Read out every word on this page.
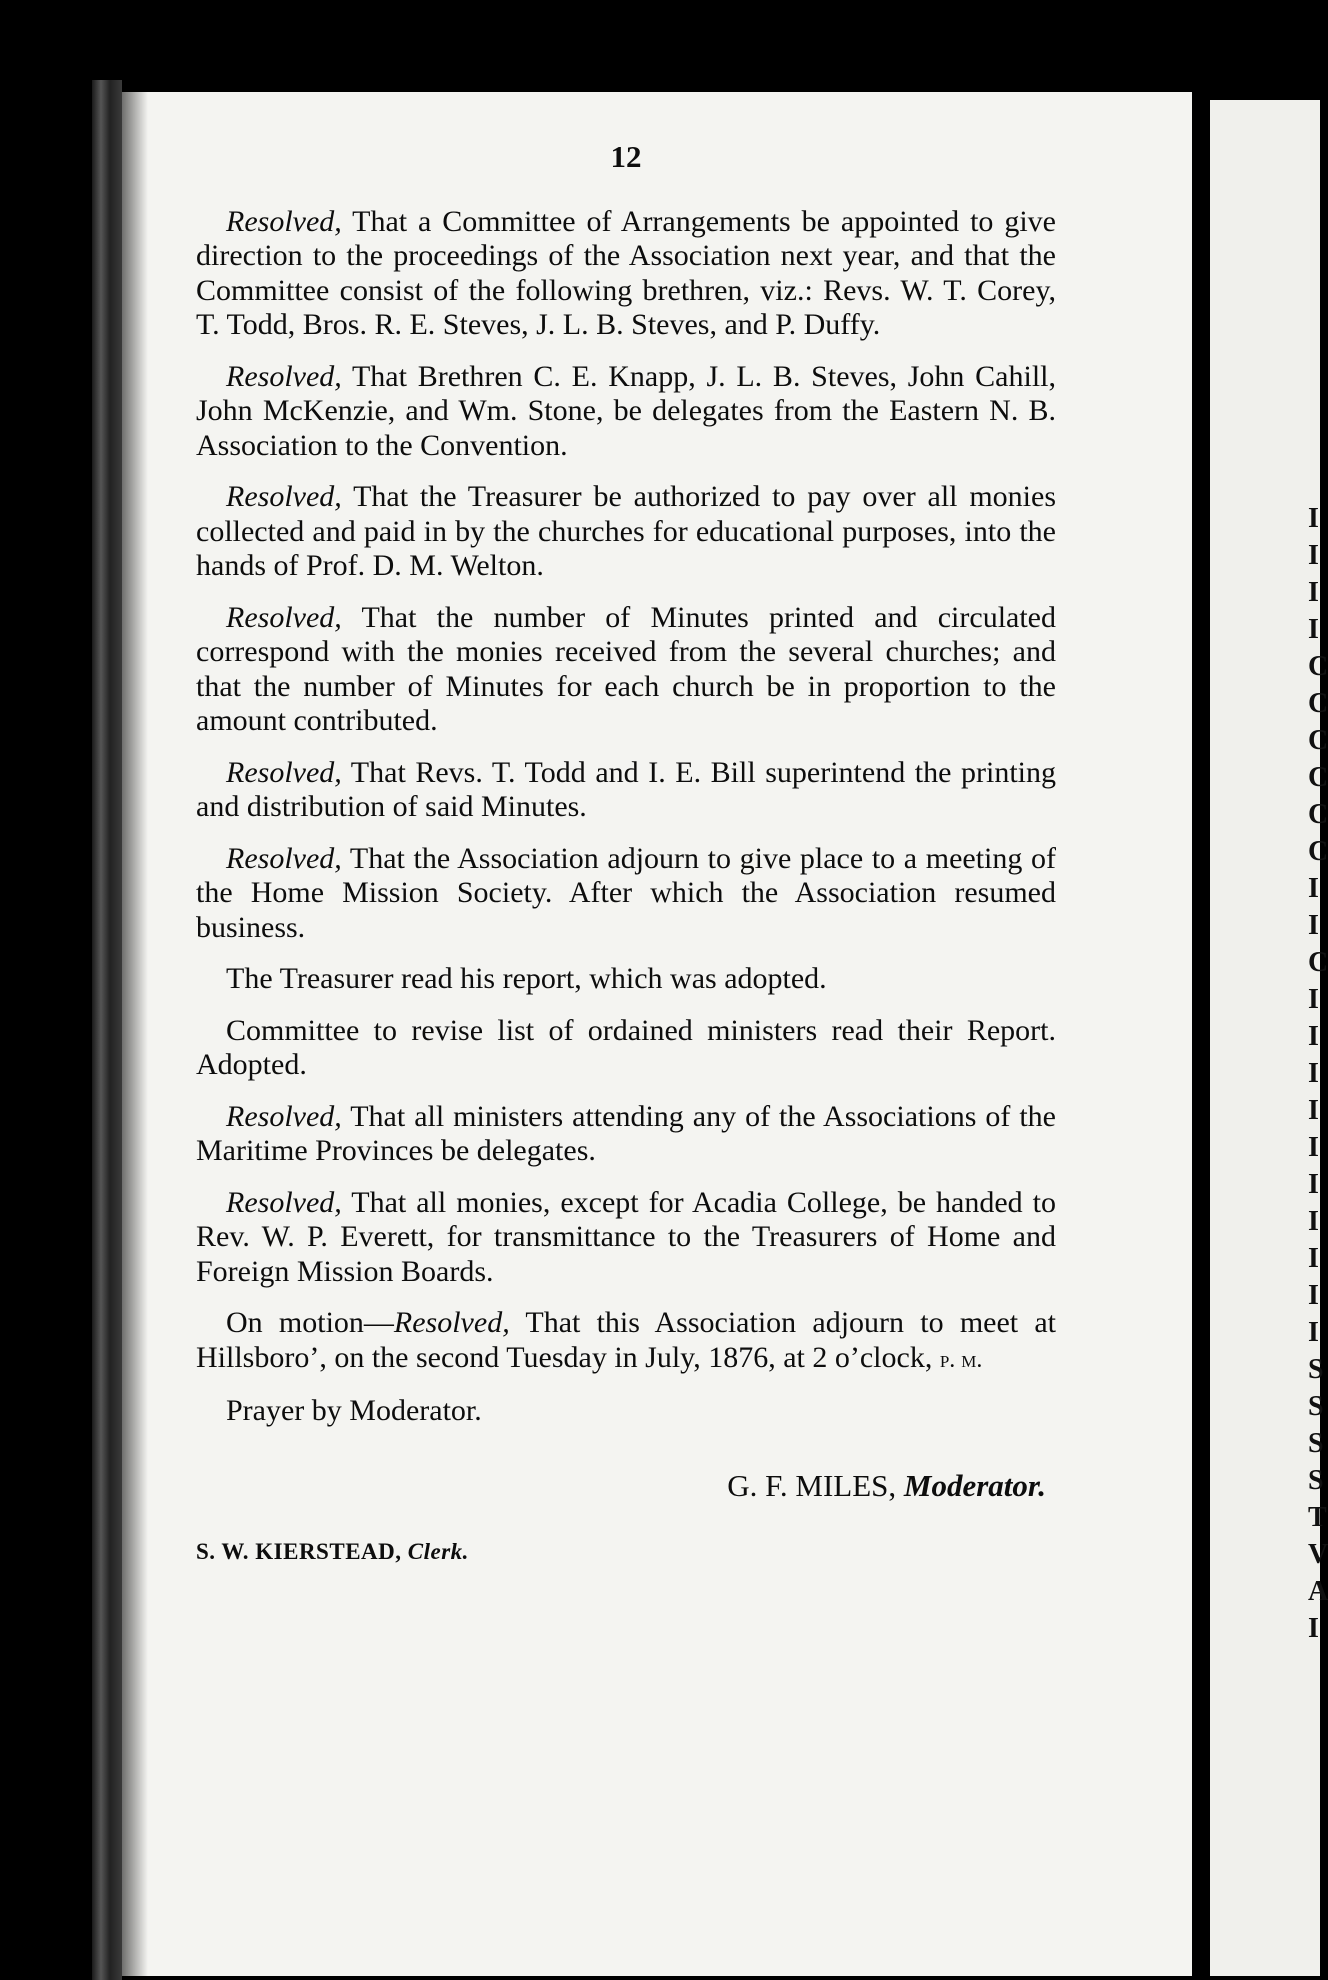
I
I
I
I
C
C
C
C
C
C
I
I
C
I
I
I
I
I
I
I
I
I
I
S
S
S
S
T
V
A
I
12

Resolved, That a Committee of Arrangements be appointed to give direction to the proceedings of the Association next year, and that the Committee consist of the following brethren, viz.: Revs. W. T. Corey, T. Todd, Bros. R. E. Steves, J. L. B. Steves, and P. Duffy.

Resolved, That Brethren C. E. Knapp, J. L. B. Steves, John Cahill, John McKenzie, and Wm. Stone, be delegates from the Eastern N. B. Association to the Convention.

Resolved, That the Treasurer be authorized to pay over all monies collected and paid in by the churches for educational purposes, into the hands of Prof. D. M. Welton.

Resolved, That the number of Minutes printed and circulated correspond with the monies received from the several churches; and that the number of Minutes for each church be in proportion to the amount contributed.

Resolved, That Revs. T. Todd and I. E. Bill superintend the printing and distribution of said Minutes.

Resolved, That the Association adjourn to give place to a meeting of the Home Mission Society. After which the Association resumed business.

The Treasurer read his report, which was adopted.

Committee to revise list of ordained ministers read their Report. Adopted.

Resolved, That all ministers attending any of the Associations of the Maritime Provinces be delegates.

Resolved, That all monies, except for Acadia College, be handed to Rev. W. P. Everett, for transmittance to the Treasurers of Home and Foreign Mission Boards.

On motion—Resolved, That this Association adjourn to meet at Hillsboro’, on the second Tuesday in July, 1876, at 2 o’clock, p. m.

Prayer by Moderator.

G. F. MILES, Moderator.
S. W. KIERSTEAD, Clerk.
